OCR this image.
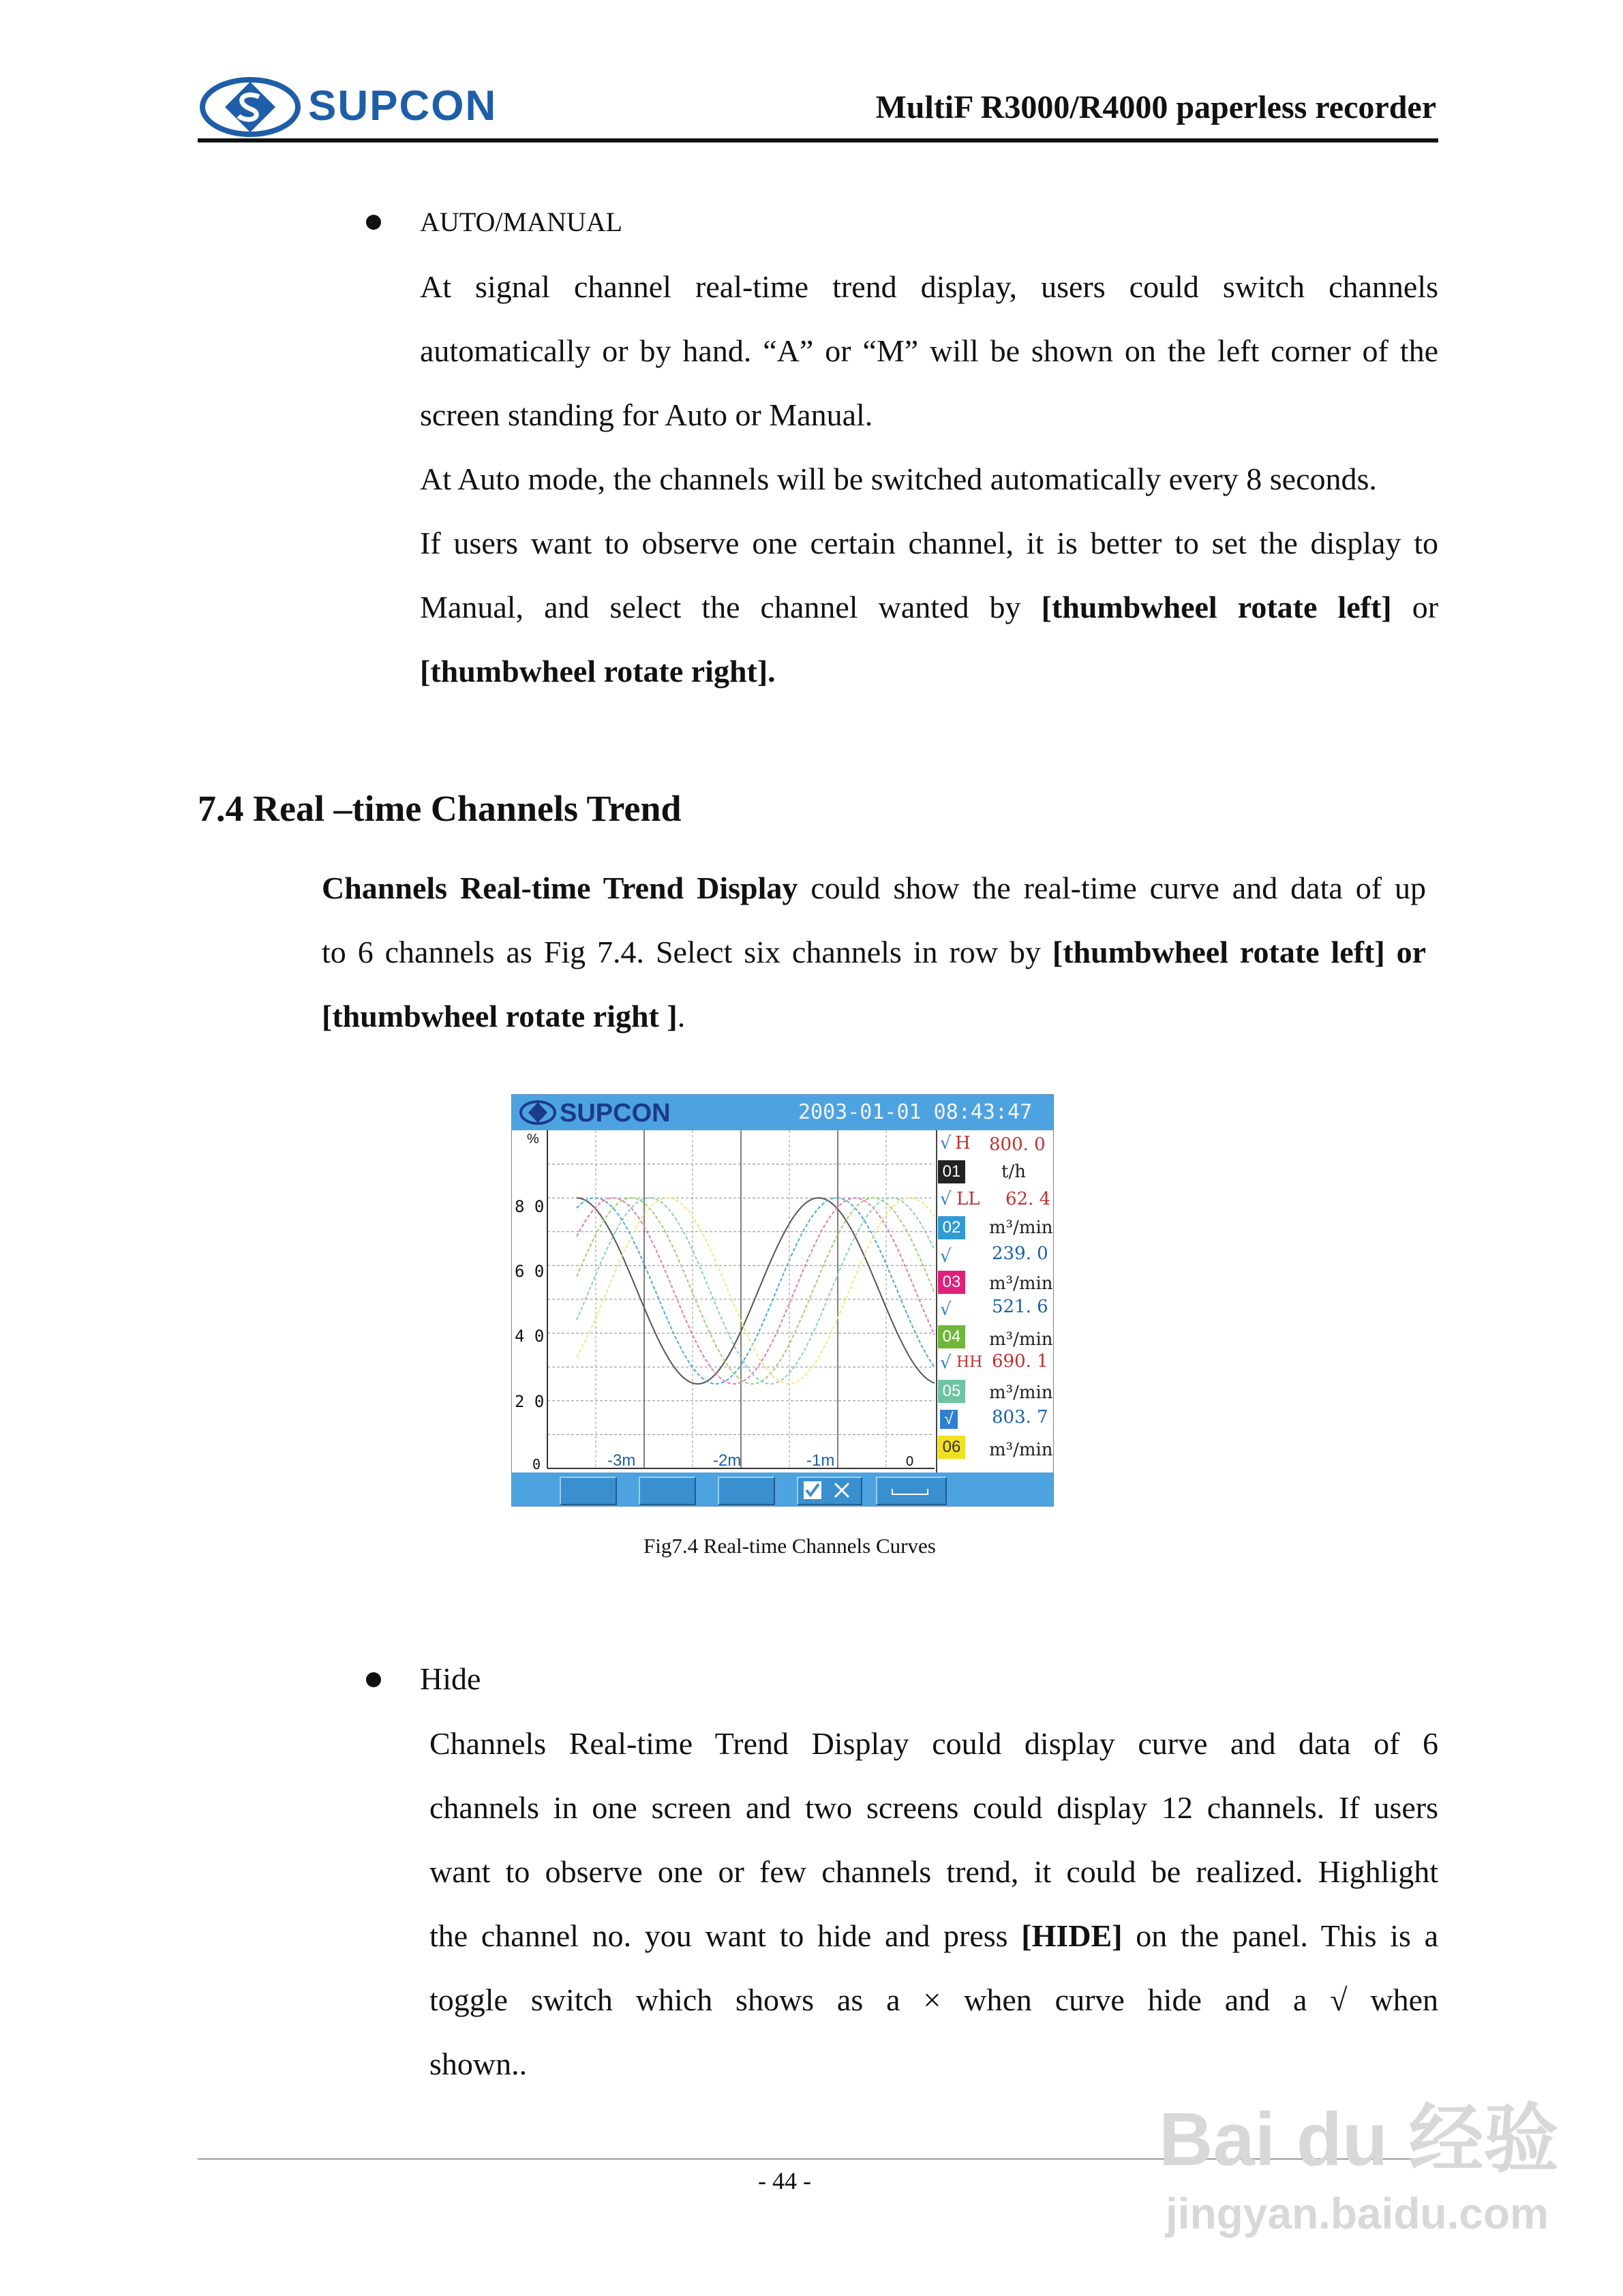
SUPCON	MultiF R3000/R4000 paperless recorder
AUTO/MANUAL
At signal channel real-time trend display, users could switch channels
automatically or by hand. “A” or “M” will be shown on the left corner of the
screen standing for Auto or Manual.
At Auto mode, the channels will be switched automatically every 8 seconds.
If users want to observe one certain channel, it is better to set the display to
Manual, and select the channel wanted by [thumbwheel rotate left] or
[thumbwheel rotate right].
7.4 Real –time Channels Trend
Channels Real-time Trend Display could show the real-time curve and data of up
to 6 channels as Fig 7.4. Select six channels in row by [thumbwheel rotate left] or
[thumbwheel rotate right ].
SUPCON	2003-01-01 08:43:47
%
8 0
6 0
4 0
2 0
0	-3m	-2m	-1m	0
√ H 800. 0
01 t/h
√ LL 62. 4
02 m³/min
√ 239. 0
03 m³/min
√ 521. 6
04 m³/min
√ HH 690. 1
05 m³/min
√ 803. 7
06 m³/min
Fig7.4 Real-time Channels Curves
Hide
Channels Real-time Trend Display could display curve and data of 6
channels in one screen and two screens could display 12 channels. If users
want to observe one or few channels trend, it could be realized. Highlight
the channel no. you want to hide and press [HIDE] on the panel. This is a
toggle switch which shows as a × when curve hide and a √ when
shown..
- 44 -	Bai du 经验
jingyan.baidu.com
